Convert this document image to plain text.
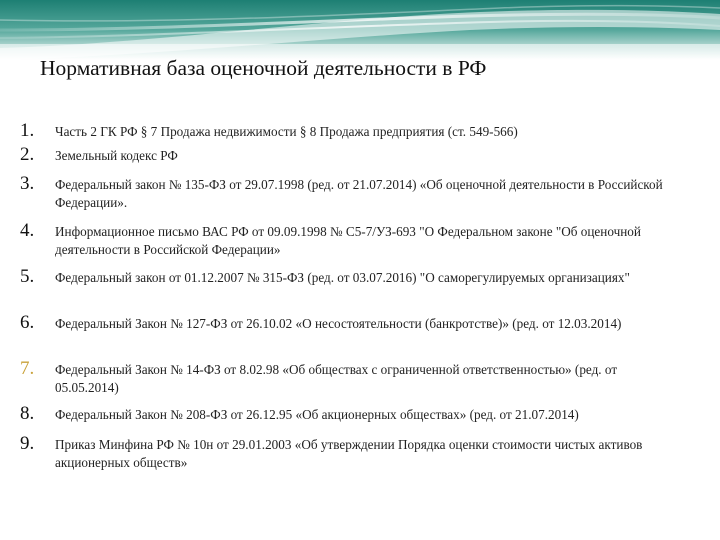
Нормативная база оценочной деятельности в РФ
1. Часть 2 ГК РФ § 7 Продажа недвижимости § 8 Продажа предприятия (ст. 549-566)
2. Земельный кодекс РФ
3. Федеральный закон № 135-ФЗ от 29.07.1998 (ред. от 21.07.2014) «Об оценочной деятельности в Российской Федерации».
4. Информационное письмо ВАС РФ от 09.09.1998 № С5-7/УЗ-693 "О Федеральном законе "Об оценочной деятельности в Российской Федерации»
5. Федеральный закон от 01.12.2007 № 315-ФЗ (ред. от 03.07.2016) "О саморегулируемых организациях"
6. Федеральный Закон № 127-ФЗ от 26.10.02 «О несостоятельности (банкротстве)» (ред. от 12.03.2014)
7. Федеральный Закон № 14-ФЗ от 8.02.98 «Об обществах с ограниченной ответственностью» (ред. от 05.05.2014)
8. Федеральный Закон № 208-ФЗ от 26.12.95 «Об акционерных обществах» (ред. от 21.07.2014)
9. Приказ Минфина РФ № 10н от 29.01.2003 «Об утверждении Порядка оценки стоимости чистых активов акционерных обществ»
